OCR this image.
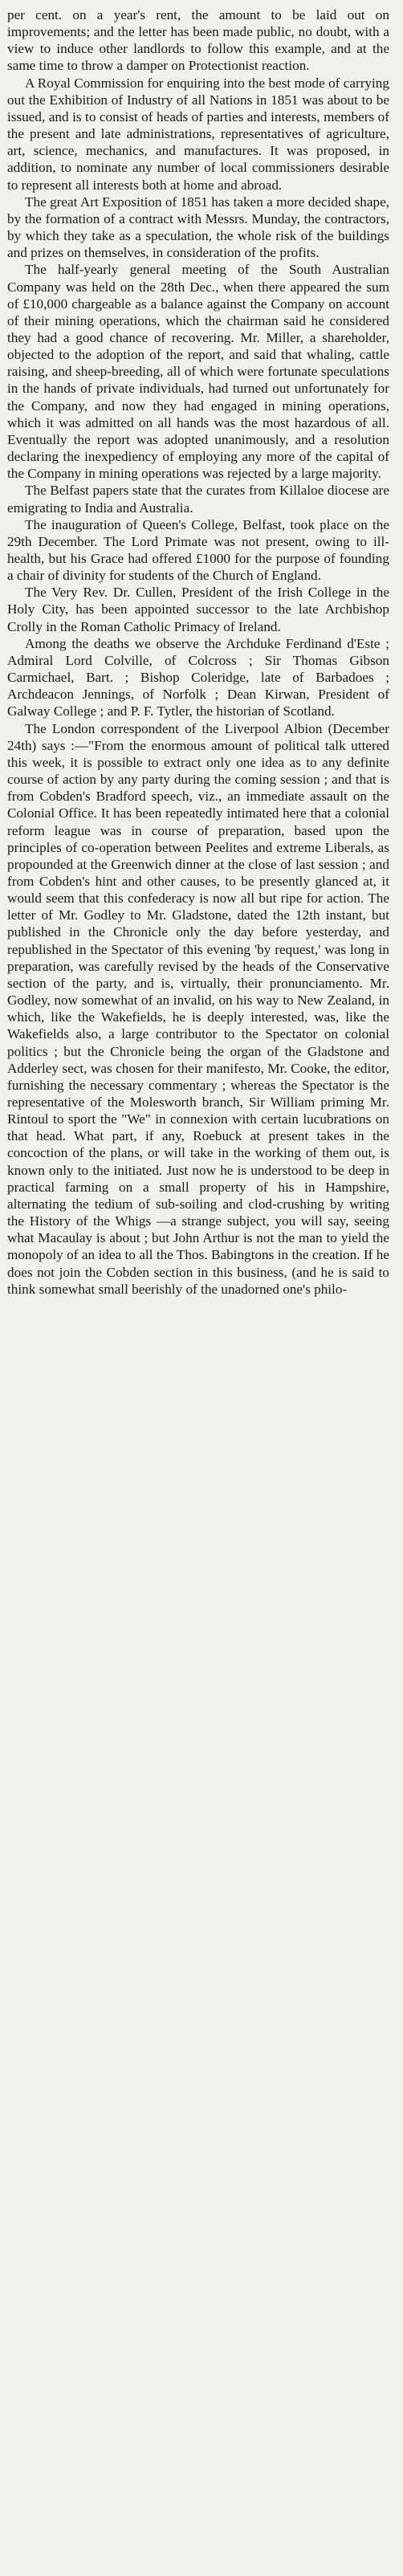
per cent. on a year's rent, the amount to be laid out on improvements; and the letter has been made public, no doubt, with a view to induce other landlords to follow this example, and at the same time to throw a damper on Protectionist reaction.

A Royal Commission for enquiring into the best mode of carrying out the Exhibition of Industry of all Nations in 1851 was about to be issued, and is to consist of heads of parties and interests, members of the present and late administrations, representatives of agriculture, art, science, mechanics, and manufactures. It was proposed, in addition, to nominate any number of local commissioners desirable to represent all interests both at home and abroad.

The great Art Exposition of 1851 has taken a more decided shape, by the formation of a contract with Messrs. Munday, the contractors, by which they take as a speculation, the whole risk of the buildings and prizes on themselves, in consideration of the profits.

The half-yearly general meeting of the South Australian Company was held on the 28th Dec., when there appeared the sum of £10,000 chargeable as a balance against the Company on account of their mining operations, which the chairman said he considered they had a good chance of recovering. Mr. Miller, a shareholder, objected to the adoption of the report, and said that whaling, cattle raising, and sheep-breeding, all of which were fortunate speculations in the hands of private individuals, had turned out unfortunately for the Company, and now they had engaged in mining operations, which it was admitted on all hands was the most hazardous of all. Eventually the report was adopted unanimously, and a resolution declaring the inexpediency of employing any more of the capital of the Company in mining operations was rejected by a large majority.

The Belfast papers state that the curates from Killaloe diocese are emigrating to India and Australia.

The inauguration of Queen's College, Belfast, took place on the 29th December. The Lord Primate was not present, owing to ill-health, but his Grace had offered £1000 for the purpose of founding a chair of divinity for students of the Church of England.

The Very Rev. Dr. Cullen, President of the Irish College in the Holy City, has been appointed successor to the late Archbishop Crolly in the Roman Catholic Primacy of Ireland.

Among the deaths we observe the Archduke Ferdinand d'Este ; Admiral Lord Colville, of Colcross ; Sir Thomas Gibson Carmichael, Bart. ; Bishop Coleridge, late of Barbadoes ; Archdeacon Jennings, of Norfolk ; Dean Kirwan, President of Galway College ; and P. F. Tytler, the historian of Scotland.

The London correspondent of the Liverpool Albion (December 24th) says :—"From the enormous amount of political talk uttered this week, it is possible to extract only one idea as to any definite course of action by any party during the coming session ; and that is from Cobden's Bradford speech, viz., an immediate assault on the Colonial Office. It has been repeatedly intimated here that a colonial reform league was in course of preparation, based upon the principles of co-operation between Peelites and extreme Liberals, as propounded at the Greenwich dinner at the close of last session ; and from Cobden's hint and other causes, to be presently glanced at, it would seem that this confederacy is now all but ripe for action. The letter of Mr. Godley to Mr. Gladstone, dated the 12th instant, but published in the Chronicle only the day before yesterday, and republished in the Spectator of this evening 'by request,' was long in preparation, was carefully revised by the heads of the Conservative section of the party, and is, virtually, their pronunciamento. Mr. Godley, now somewhat of an invalid, on his way to New Zealand, in which, like the Wakefields, he is deeply interested, was, like the Wakefields also, a large contributor to the Spectator on colonial politics ; but the Chronicle being the organ of the Gladstone and Adderley sect, was chosen for their manifesto, Mr. Cooke, the editor, furnishing the necessary commentary ; whereas the Spectator is the representative of the Molesworth branch, Sir William priming Mr. Rintoul to sport the "We" in connexion with certain lucubrations on that head. What part, if any, Roebuck at present takes in the concoction of the plans, or will take in the working of them out, is known only to the initiated. Just now he is understood to be deep in practical farming on a small property of his in Hampshire, alternating the tedium of sub-soiling and clod-crushing by writing the History of the Whigs —a strange subject, you will say, seeing what Macaulay is about ; but John Arthur is not the man to yield the monopoly of an idea to all the Thos. Babingtons in the creation. If he does not join the Cobden section in this business, (and he is said to think somewhat small beerishly of the unadorned one's philo-
